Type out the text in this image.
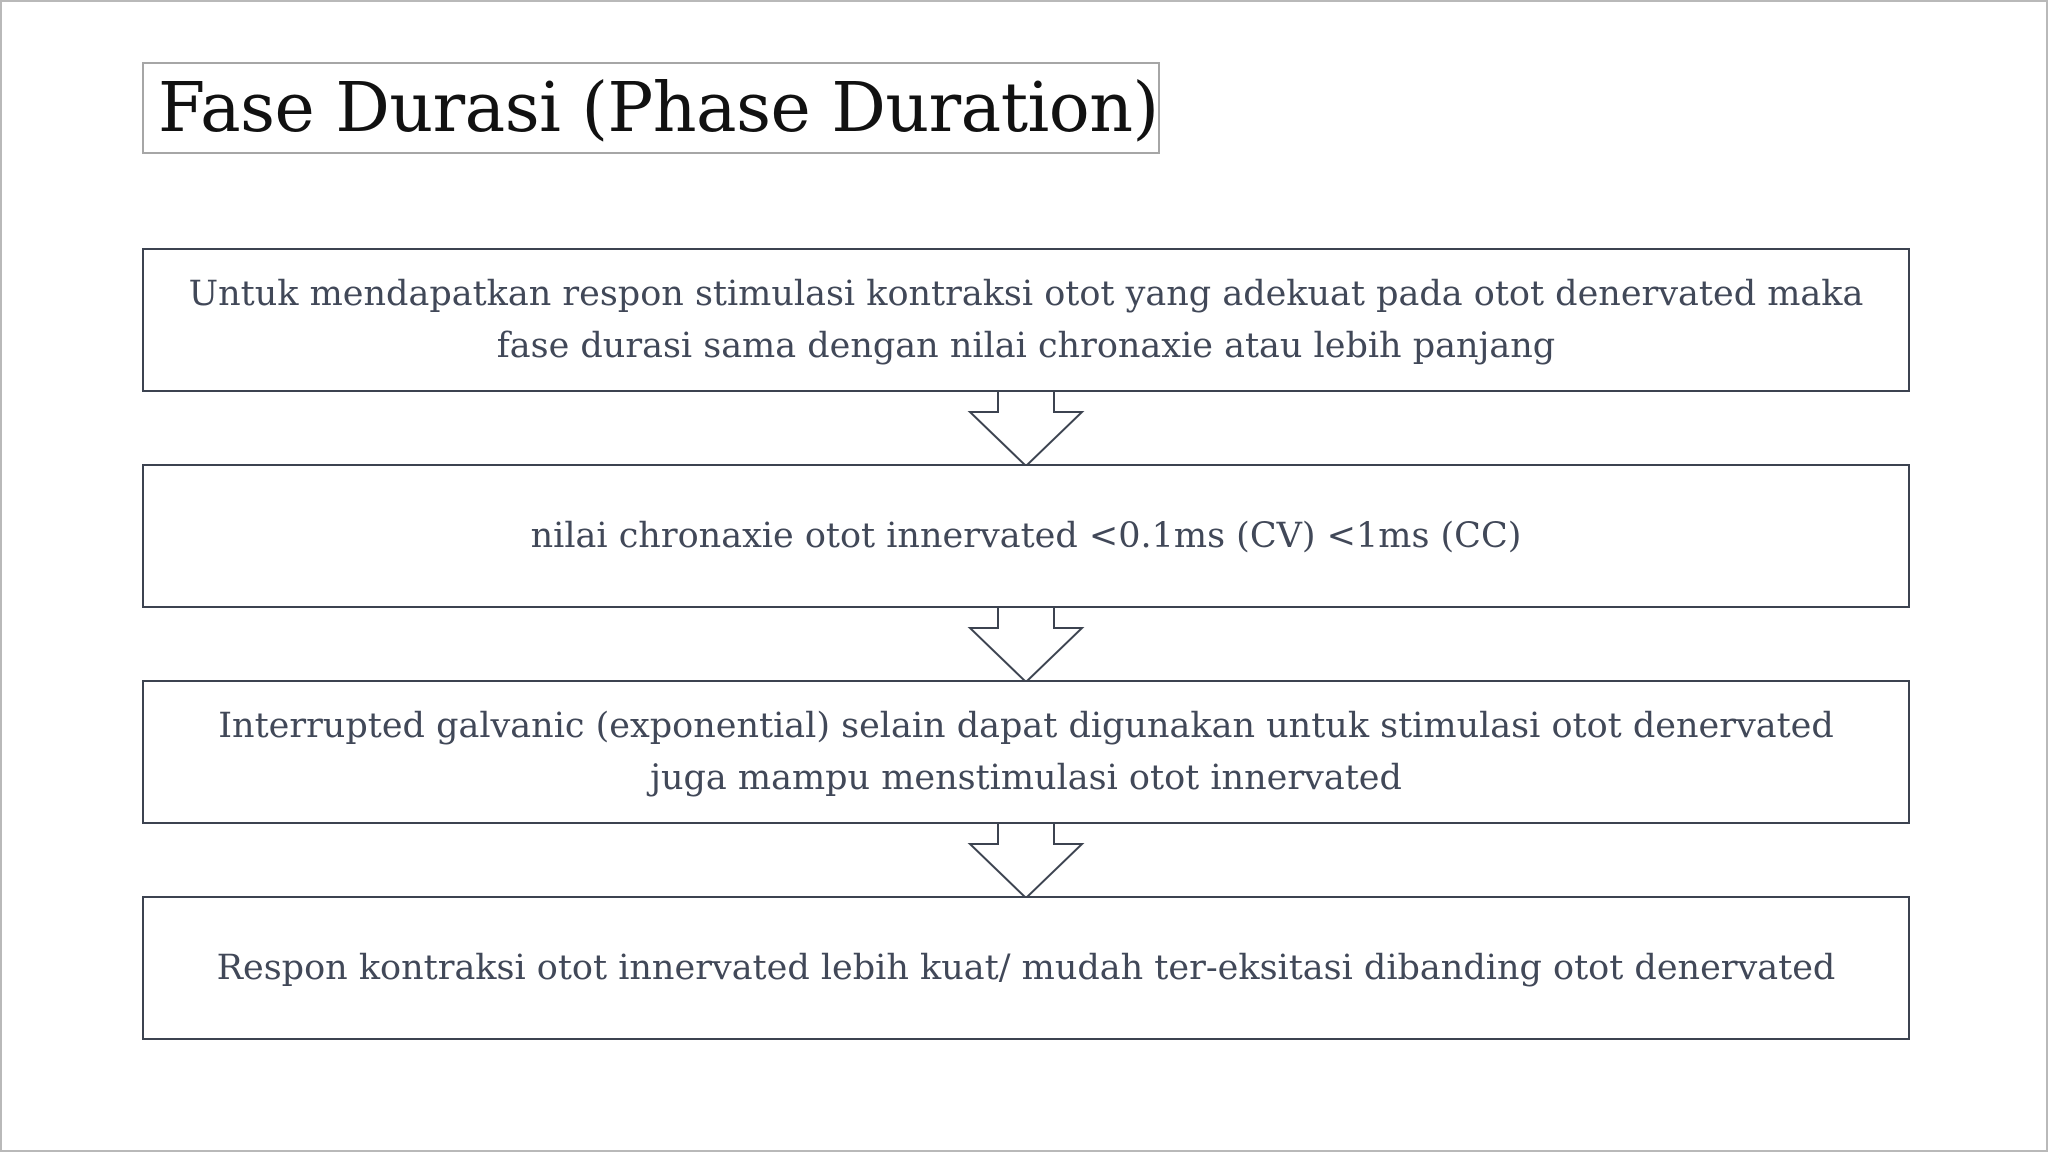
Fase Durasi (Phase Duration)
Untuk mendapatkan respon stimulasi kontraksi otot yang adekuat pada otot denervated maka fase durasi sama dengan nilai chronaxie atau lebih panjang
nilai chronaxie otot innervated <0.1ms (CV) <1ms (CC)
Interrupted galvanic (exponential) selain dapat digunakan untuk stimulasi otot denervated juga mampu menstimulasi otot innervated
Respon kontraksi otot innervated lebih kuat/ mudah ter-eksitasi dibanding otot denervated
